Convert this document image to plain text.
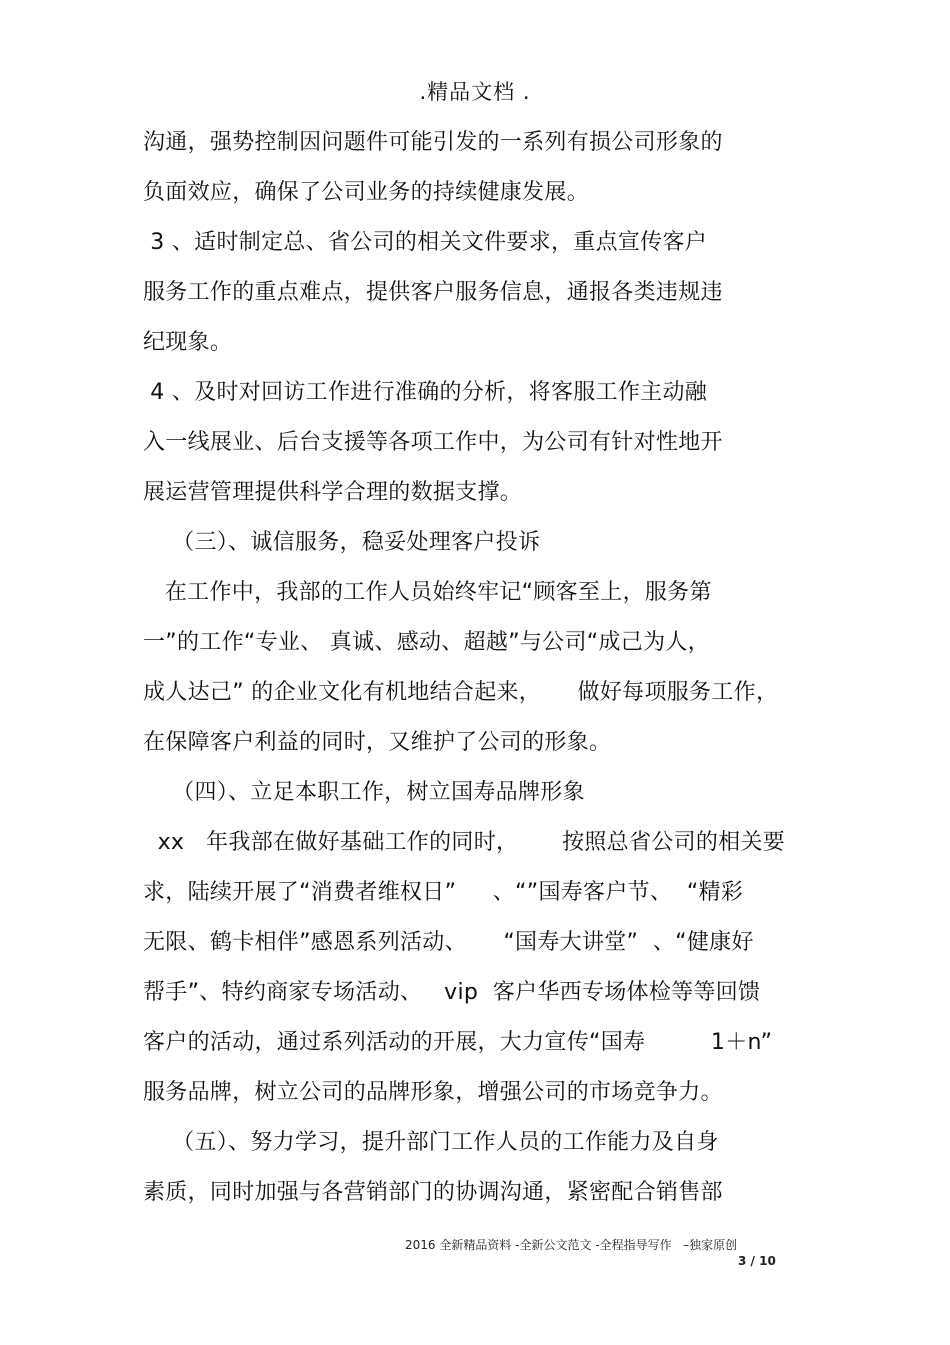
.精品文档 .
沟通，强势控制因问题件可能引发的一系列有损公司形象的
负面效应，确保了公司业务的持续健康发展。
3 、适时制定总、省公司的相关文件要求，重点宣传客户
服务工作的重点难点，提供客户服务信息，通报各类违规违
纪现象。
4 、及时对回访工作进行准确的分析，将客服工作主动融
入一线展业、后台支援等各项工作中，为公司有针对性地开
展运营管理提供科学合理的数据支撑。
（三）、诚信服务，稳妥处理客户投诉
在工作中，我部的工作人员始终牢记“顾客至上，服务第
一”的工作“专业、 真诚、感动、超越”与公司“成己为人，
成人达己” 的企业文化有机地结合起来，     做好每项服务工作，
在保障客户利益的同时，又维护了公司的形象。
（四）、立足本职工作，树立国寿品牌形象
xx   年我部在做好基础工作的同时，      按照总省公司的相关要
求，陆续开展了“消费者维权日”     、“”国寿客户节、  “精彩
无限、鹤卡相伴”感恩系列活动、     “国寿大讲堂”  、“健康好
帮手”、特约商家专场活动、   vip  客户华西专场体检等等回馈
客户的活动，通过系列活动的开展，大力宣传“国寿         1＋n”
服务品牌，树立公司的品牌形象，增强公司的市场竞争力。
（五）、努力学习，提升部门工作人员的工作能力及自身
素质，同时加强与各营销部门的协调沟通，紧密配合销售部
2016 全新精品资料 -全新公文范文 -全程指导写作   –独家原创
3 / 10
